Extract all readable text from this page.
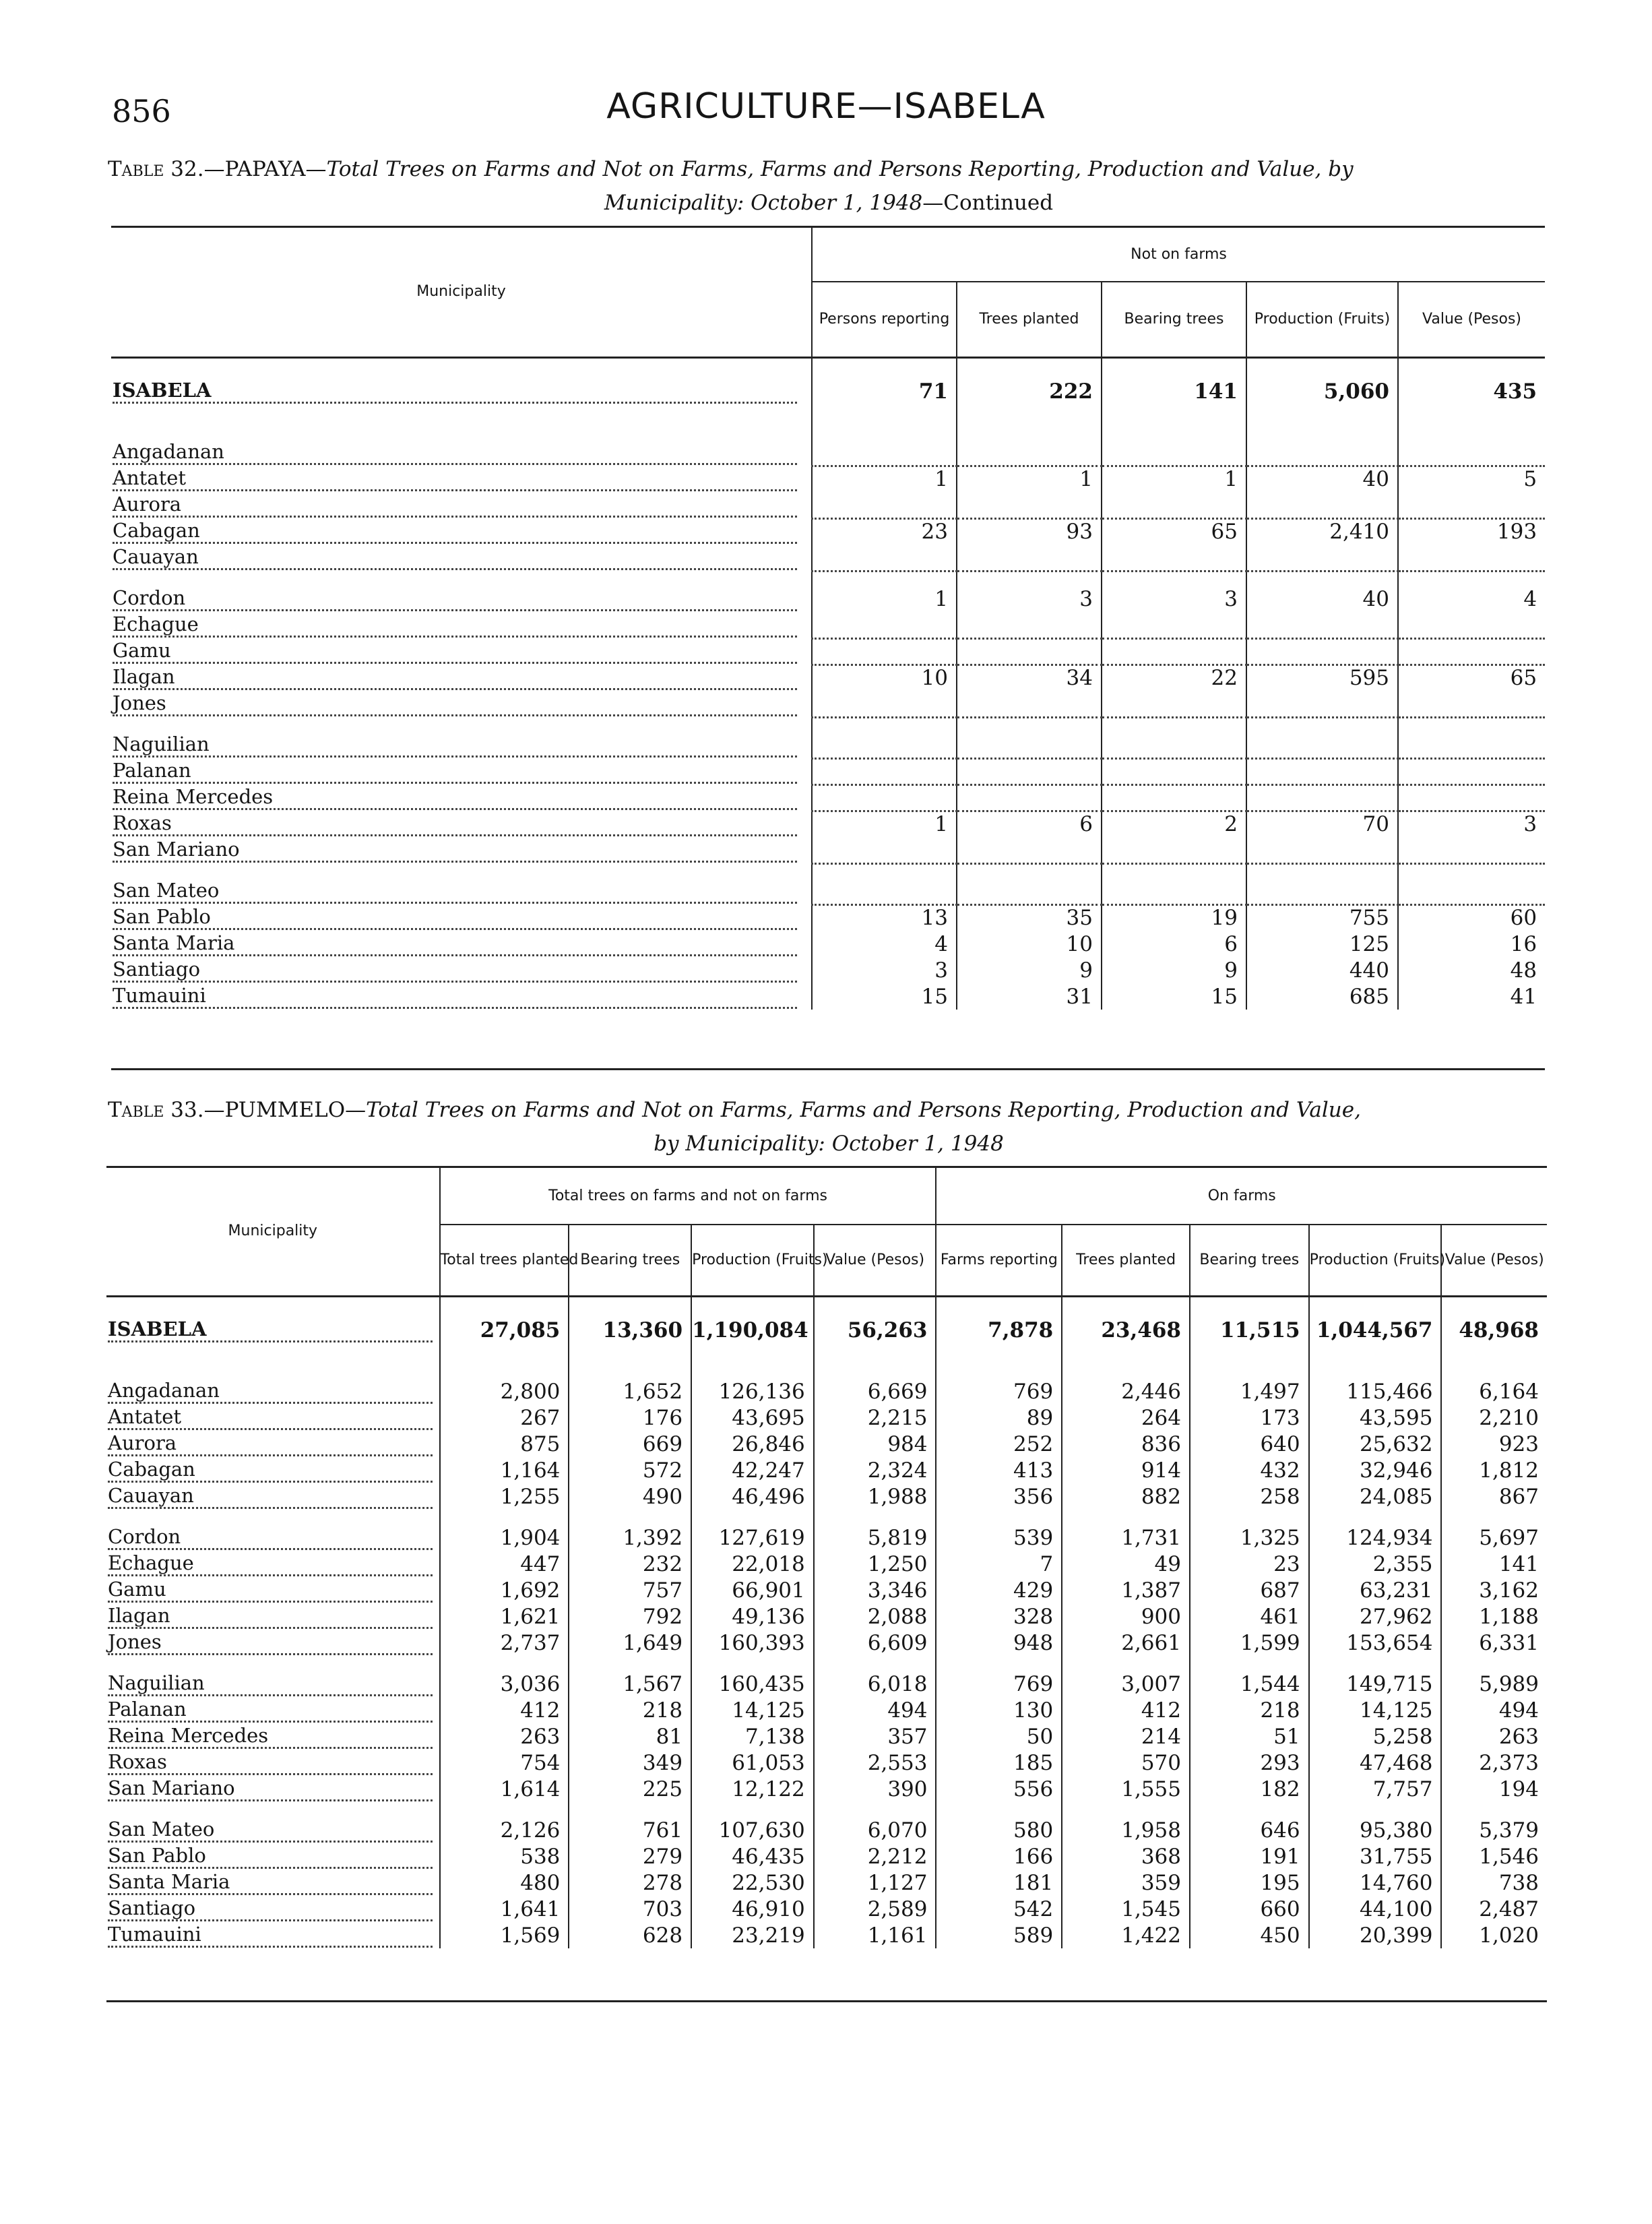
856	AGRICULTURE—ISABELA
Table 32.—PAPAYA—Total Trees on Farms and Not on Farms, Farms and Persons Reporting, Production and Value, by
Municipality: October 1, 1948—Continued
Municipality	Not on farms				
	Persons reporting	Trees planted	Bearing trees	Production (Fruits)	Value (Pesos)
ISABELA	71	222	141	5,060	435
Angadanan					
Antatet	1	1	1	40	5
Aurora					
Cabagan	23	93	65	2,410	193
Cauayan					
Cordon	1	3	3	40	4
Echague					
Gamu					
Ilagan	10	34	22	595	65
Jones					
Naguilian					
Palanan					
Reina Mercedes					
Roxas	1	6	2	70	3
San Mariano					
San Mateo					
San Pablo	13	35	19	755	60
Santa Maria	4	10	6	125	16
Santiago	3	9	9	440	48
Tumauini	15	31	15	685	41
Table 33.—PUMMELO—Total Trees on Farms and Not on Farms, Farms and Persons Reporting, Production and Value,
by Municipality: October 1, 1948
Municipality	Total trees on farms and not on farms				On farms				
	Total trees planted	Bearing trees	Production (Fruits)	Value (Pesos)	Farms reporting	Trees planted	Bearing trees	Production (Fruits)	Value (Pesos)
ISABELA	27,085	13,360	1,190,084	56,263	7,878	23,468	11,515	1,044,567	48,968
Angadanan	2,800	1,652	126,136	6,669	769	2,446	1,497	115,466	6,164
Antatet	267	176	43,695	2,215	89	264	173	43,595	2,210
Aurora	875	669	26,846	984	252	836	640	25,632	923
Cabagan	1,164	572	42,247	2,324	413	914	432	32,946	1,812
Cauayan	1,255	490	46,496	1,988	356	882	258	24,085	867
Cordon	1,904	1,392	127,619	5,819	539	1,731	1,325	124,934	5,697
Echague	447	232	22,018	1,250	7	49	23	2,355	141
Gamu	1,692	757	66,901	3,346	429	1,387	687	63,231	3,162
Ilagan	1,621	792	49,136	2,088	328	900	461	27,962	1,188
Jones	2,737	1,649	160,393	6,609	948	2,661	1,599	153,654	6,331
Naguilian	3,036	1,567	160,435	6,018	769	3,007	1,544	149,715	5,989
Palanan	412	218	14,125	494	130	412	218	14,125	494
Reina Mercedes	263	81	7,138	357	50	214	51	5,258	263
Roxas	754	349	61,053	2,553	185	570	293	47,468	2,373
San Mariano	1,614	225	12,122	390	556	1,555	182	7,757	194
San Mateo	2,126	761	107,630	6,070	580	1,958	646	95,380	5,379
San Pablo	538	279	46,435	2,212	166	368	191	31,755	1,546
Santa Maria	480	278	22,530	1,127	181	359	195	14,760	738
Santiago	1,641	703	46,910	2,589	542	1,545	660	44,100	2,487
Tumauini	1,569	628	23,219	1,161	589	1,422	450	20,399	1,020
